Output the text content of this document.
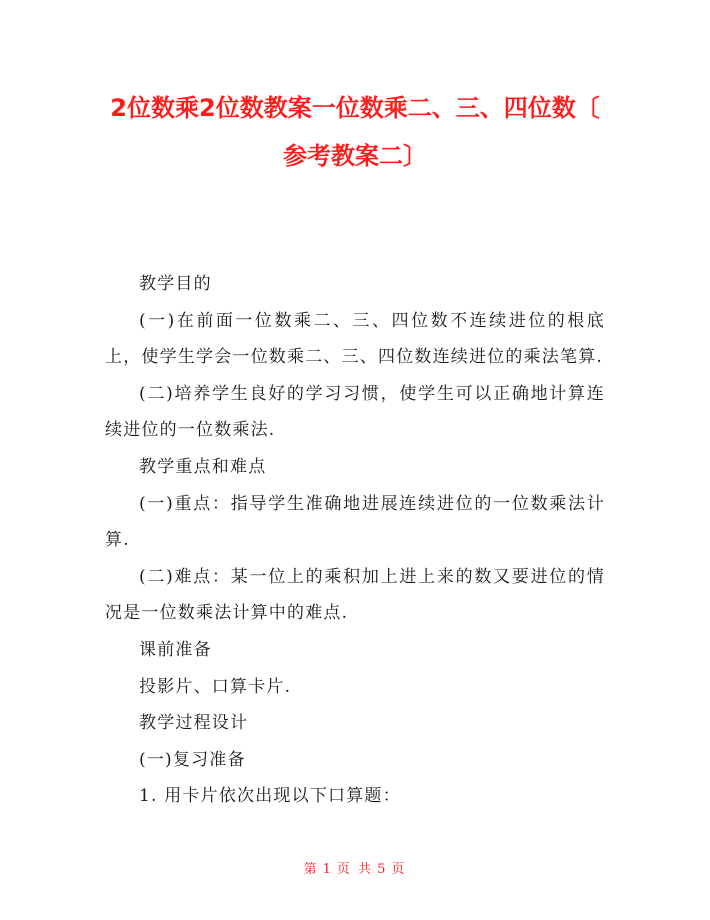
2位数乘2位数教案一位数乘二、三、四位数〔
参考教案二〕

教学目的

(一)在前面一位数乘二、三、四位数不连续进位的根底上，使学生学会一位数乘二、三、四位数连续进位的乘法笔算.

(二)培养学生良好的学习习惯，使学生可以正确地计算连续进位的一位数乘法.

教学重点和难点

(一)重点：指导学生准确地进展连续进位的一位数乘法计算.

(二)难点：某一位上的乘积加上进上来的数又要进位的情况是一位数乘法计算中的难点.

课前准备

投影片、口算卡片.

教学过程设计

(一)复习准备

1. 用卡片依次出现以下口算题：

第 1 页 共 5 页
